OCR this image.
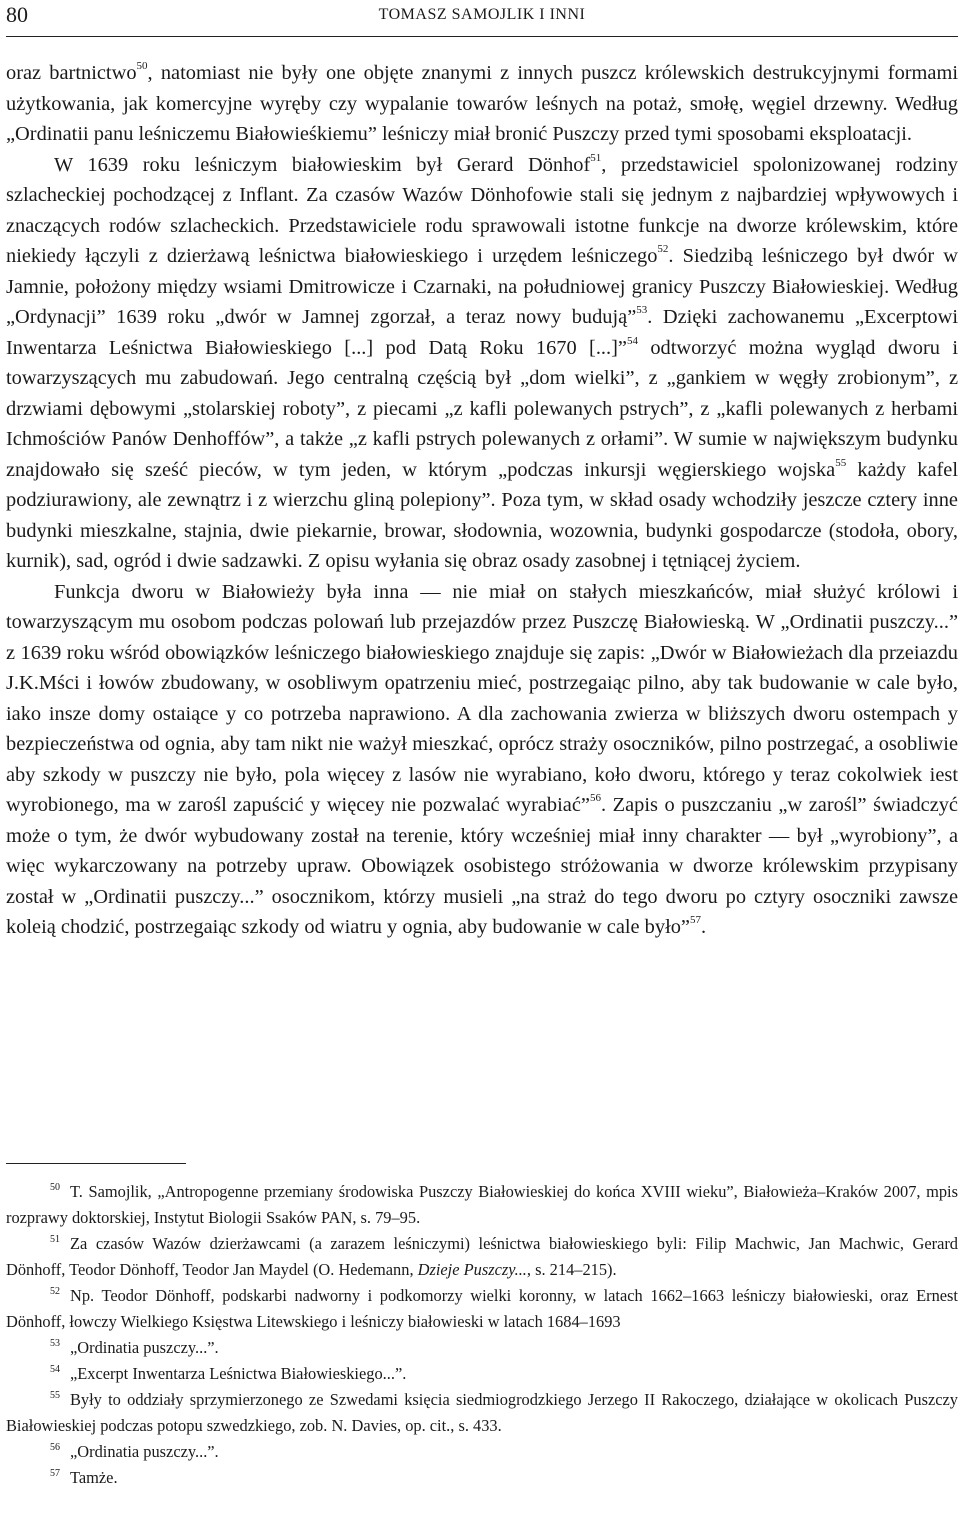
80	TOMASZ SAMOJLIK I INNI

oraz bartnictwo$^{50}$, natomiast nie były one objęte znanymi z innych puszcz królewskich destrukcyjnymi formami użytkowania, jak komercyjne wyręby czy wypalanie towarów leśnych na potaż, smołę, węgiel drzewny. Według „Ordinatii panu leśniczemu Białowieśkiemu” leśniczy miał bronić Puszczy przed tymi sposobami eksploatacji.

W 1639 roku leśniczym białowieskim był Gerard Dönhof$^{51}$, przedstawiciel spolonizowanej rodziny szlacheckiej pochodzącej z Inflant. Za czasów Wazów Dönhofowie stali się jednym z najbardziej wpływowych i znaczących rodów szlacheckich. Przedstawiciele rodu sprawowali istotne funkcje na dworze królewskim, które niekiedy łączyli z dzierżawą leśnictwa białowieskiego i urzędem leśniczego$^{52}$. Siedzibą leśniczego był dwór w Jamnie, położony między wsiami Dmitrowicze i Czarnaki, na południowej granicy Puszczy Białowieskiej. Według „Ordynacji” 1639 roku „dwór w Jamnej zgorzał, a teraz nowy budują”$^{53}$. Dzięki zachowanemu „Excerptowi Inwentarza Leśnictwa Białowieskiego [...] pod Datą Roku 1670 [...]”$^{54}$ odtworzyć można wygląd dworu i towarzyszących mu zabudowań. Jego centralną częścią był „dom wielki”, z „gankiem w węgły zrobionym”, z drzwiami dębowymi „stolarskiej roboty”, z piecami „z kafli polewanych pstrych”, z „kafli polewanych z herbami Ichmościów Panów Denhoffów”, a także „z kafli pstrych polewanych z orłami”. W sumie w największym budynku znajdowało się sześć pieców, w tym jeden, w którym „podczas inkursji węgierskiego wojska$^{55}$ każdy kafel podziurawiony, ale zewnątrz i z wierzchu gliną polepiony”. Poza tym, w skład osady wchodziły jeszcze cztery inne budynki mieszkalne, stajnia, dwie piekarnie, browar, słodownia, wozownia, budynki gospodarcze (stodoła, obory, kurnik), sad, ogród i dwie sadzawki. Z opisu wyłania się obraz osady zasobnej i tętniącej życiem.

Funkcja dworu w Białowieży była inna — nie miał on stałych mieszkańców, miał służyć królowi i towarzyszącym mu osobom podczas polowań lub przejazdów przez Puszczę Białowieską. W „Ordinatii puszczy...” z 1639 roku wśród obowiązków leśniczego białowieskiego znajduje się zapis: „Dwór w Białowieżach dla przeiazdu J.K.Mści i łowów zbudowany, w osobliwym opatrzeniu mieć, postrzegaiąc pilno, aby tak budowanie w cale było, iako insze domy ostaiące y co potrzeba naprawiono. A dla zachowania zwierza w bliższych dworu ostempach y bezpieczeństwa od ognia, aby tam nikt nie ważył mieszkać, oprócz straży osoczników, pilno postrzegać, a osobliwie aby szkody w puszczy nie było, pola więcey z lasów nie wyrabiano, koło dworu, którego y teraz cokolwiek iest wyrobionego, ma w zarośl zapuścić y więcey nie pozwalać wyrabiać”$^{56}$. Zapis o puszczaniu „w zarośl” świadczyć może o tym, że dwór wybudowany został na terenie, który wcześniej miał inny charakter — był „wyrobiony”, a więc wykarczowany na potrzeby upraw. Obowiązek osobistego stróżowania w dworze królewskim przypisany został w „Ordinatii puszczy...” osocznikom, którzy musieli „na straż do tego dworu po cztyry osoczniki zawsze koleią chodzić, postrzegaiąc szkody od wiatru y ognia, aby budowanie w cale było”$^{57}$.

$^{50}$ T. Samojlik, „Antropogenne przemiany środowiska Puszczy Białowieskiej do końca XVIII wieku”, Białowieża–Kraków 2007, mpis rozprawy doktorskiej, Instytut Biologii Ssaków PAN, s. 79–95.

$^{51}$ Za czasów Wazów dzierżawcami (a zarazem leśniczymi) leśnictwa białowieskiego byli: Filip Machwic, Jan Machwic, Gerard Dönhoff, Teodor Dönhoff, Teodor Jan Maydel (O. Hedemann, Dzieje Puszczy..., s. 214–215).

$^{52}$ Np. Teodor Dönhoff, podskarbi nadworny i podkomorzy wielki koronny, w latach 1662–1663 leśniczy białowieski, oraz Ernest Dönhoff, łowczy Wielkiego Księstwa Litewskiego i leśniczy białowieski w latach 1684–1693

$^{53}$ „Ordinatia puszczy...”.

$^{54}$ „Excerpt Inwentarza Leśnictwa Białowieskiego...”.

$^{55}$ Były to oddziały sprzymierzonego ze Szwedami księcia siedmiogrodzkiego Jerzego II Rakoczego, działające w okolicach Puszczy Białowieskiej podczas potopu szwedzkiego, zob. N. Davies, op. cit., s. 433.

$^{56}$ „Ordinatia puszczy...”.

$^{57}$ Tamże.
